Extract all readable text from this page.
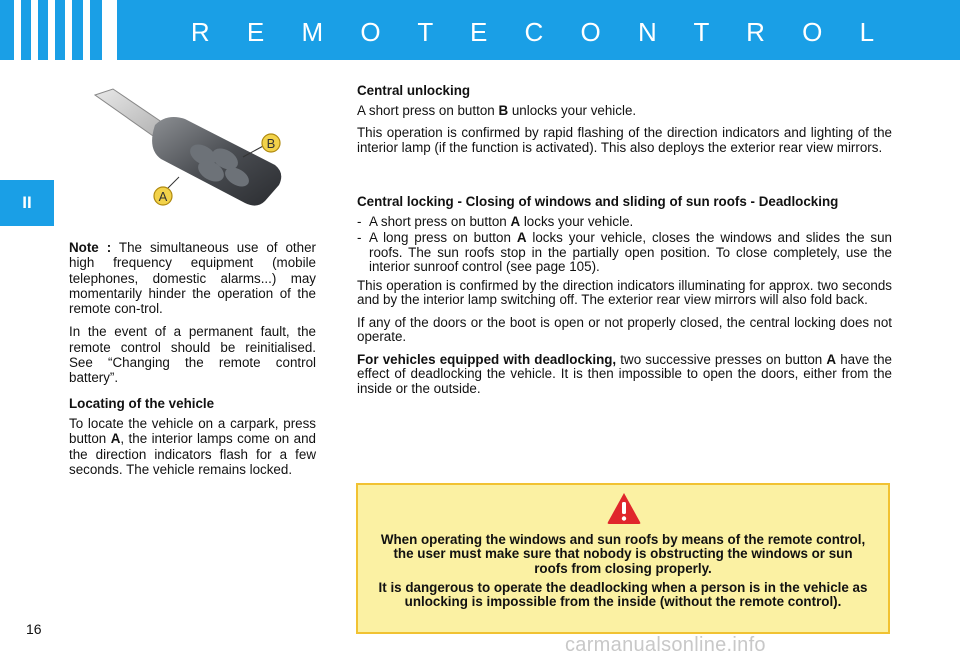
R E M O T E C O N T R O L
II
B
A

Note : The simultaneous use of other high frequency equipment (mobile telephones, domestic alarms...) may momentarily hinder the operation of the remote con-trol.

In the event of a permanent fault, the remote control should be reinitialised. See “Changing the remote control battery”.

Locating of the vehicle

To locate the vehicle on a carpark, press button A, the interior lamps come on and the direction indicators flash for a few seconds. The vehicle remains locked.

Central unlocking

A short press on button B unlocks your vehicle.

This operation is confirmed by rapid flashing of the direction indicators and lighting of the interior lamp (if the function is activated). This also deploys the exterior rear view mirrors.

Central locking - Closing of windows and sliding of sun roofs - Deadlocking
- A short press on button A locks your vehicle.
- A long press on button A locks your vehicle, closes the windows and slides the sun roofs. The sun roofs stop in the partially open position. To close completely, use the interior sunroof control (see page 105).

This operation is confirmed by the direction indicators illuminating for approx. two seconds and by the interior lamp switching off. The exterior rear view mirrors will also fold back.

If any of the doors or the boot is open or not properly closed, the central locking does not operate.

For vehicles equipped with deadlocking, two successive presses on button A have the effect of deadlocking the vehicle. It is then impossible to open the doors, either from the inside or the outside.

When operating the windows and sun roofs by means of the remote control, the user must make sure that nobody is obstructing the windows or sun roofs from closing properly.

It is dangerous to operate the deadlocking when a person is in the vehicle as unlocking is impossible from the inside (without the remote control).

16
carmanualsonline.info
